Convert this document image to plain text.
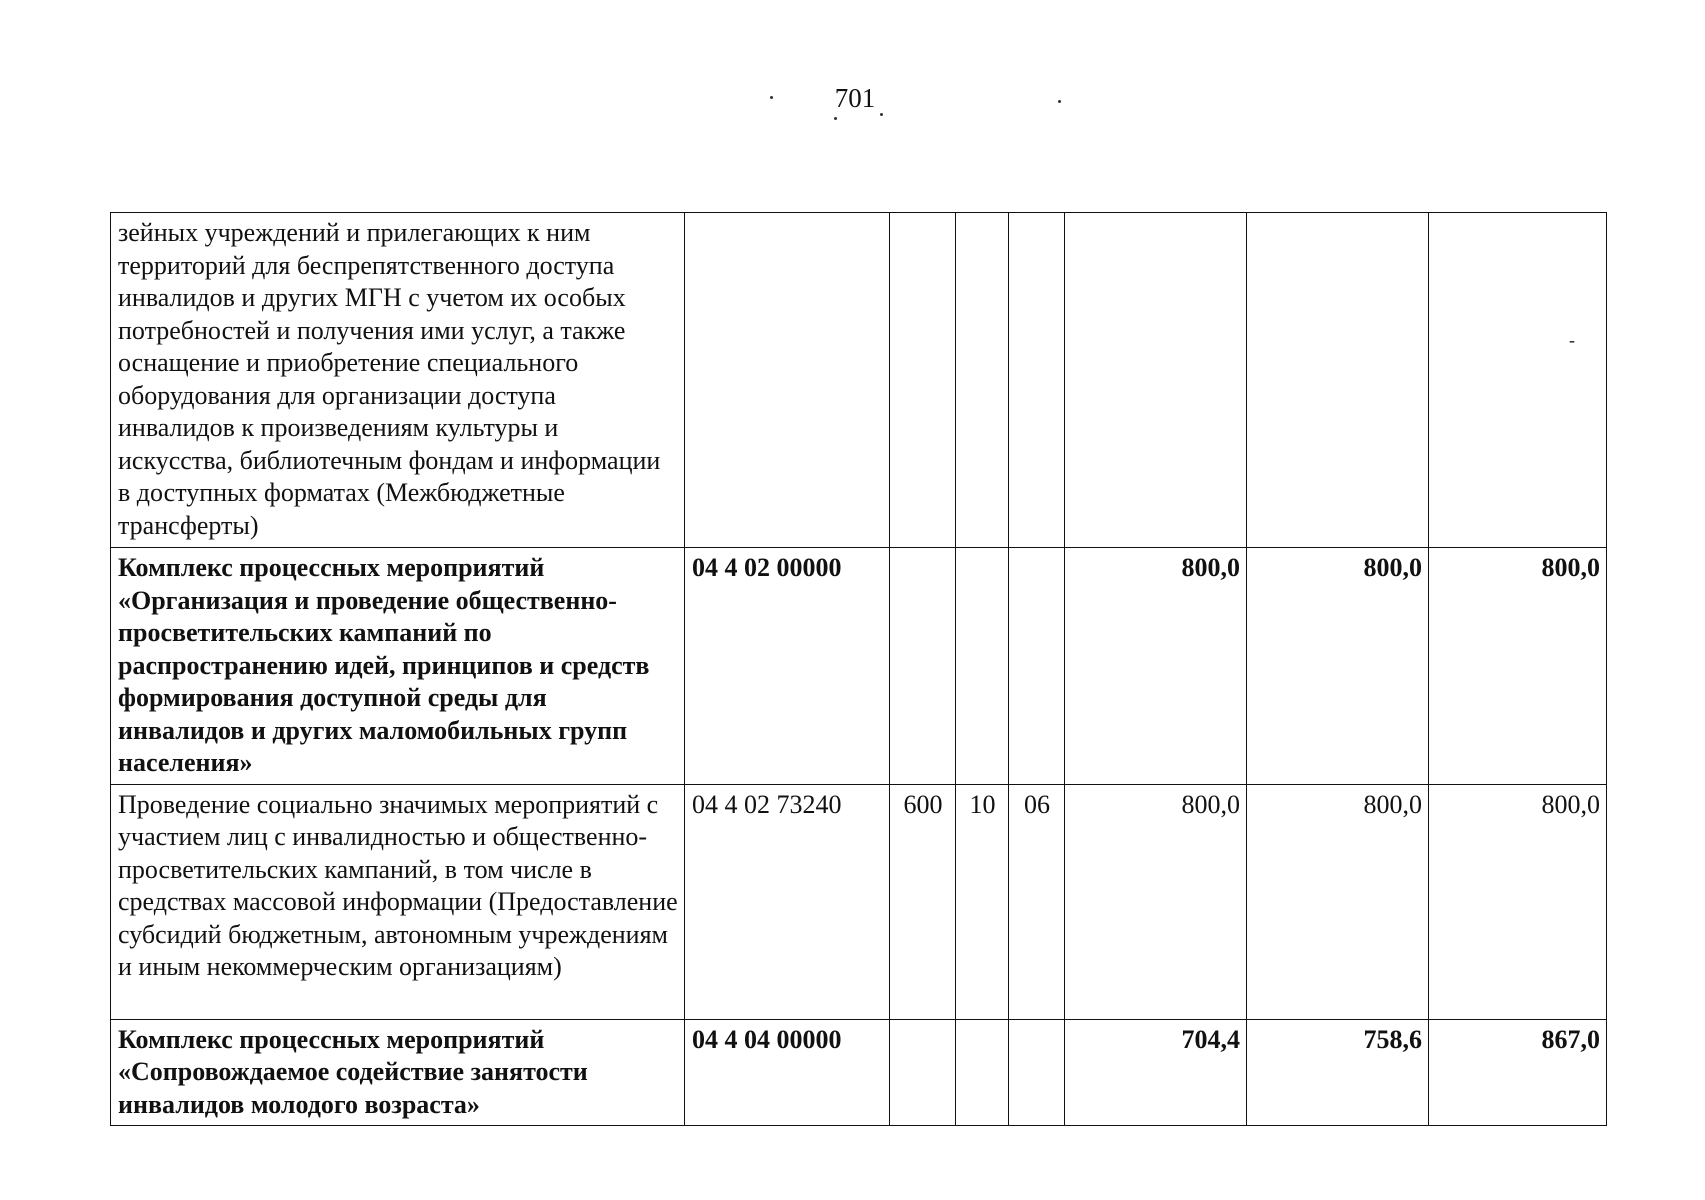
701
зейных учреждений и прилегающих к ним территорий для беспрепятственного доступа инвалидов и других МГН с учетом их особых потребностей и получения ими услуг, а также оснащение и приобретение специального оборудования для организации доступа инвалидов к произведениям культуры и искусства, библиотечным фондам и информации в доступных форматах (Межбюджетные трансферты)							-

Комплекс процессных мероприятий «Организация и проведение общественно-просветительских кампаний по распространению идей, принципов и средств формирования доступной среды для инвалидов и других маломобильных групп населения»	04 4 02 00000				800,0	800,0	800,0
Проведение социально значимых мероприятий с участием лиц с инвалидностью и общественно-просветительских кампаний, в том числе в средствах массовой информации (Предоставление субсидий бюджетным, автономным учреждениям и иным некоммерческим организациям)	04 4 02 73240	600	10	06	800,0	800,0	800,0
Комплекс процессных мероприятий «Сопровождаемое содействие занятости инвалидов молодого возраста»	04 4 04 00000				704,4	758,6	867,0
